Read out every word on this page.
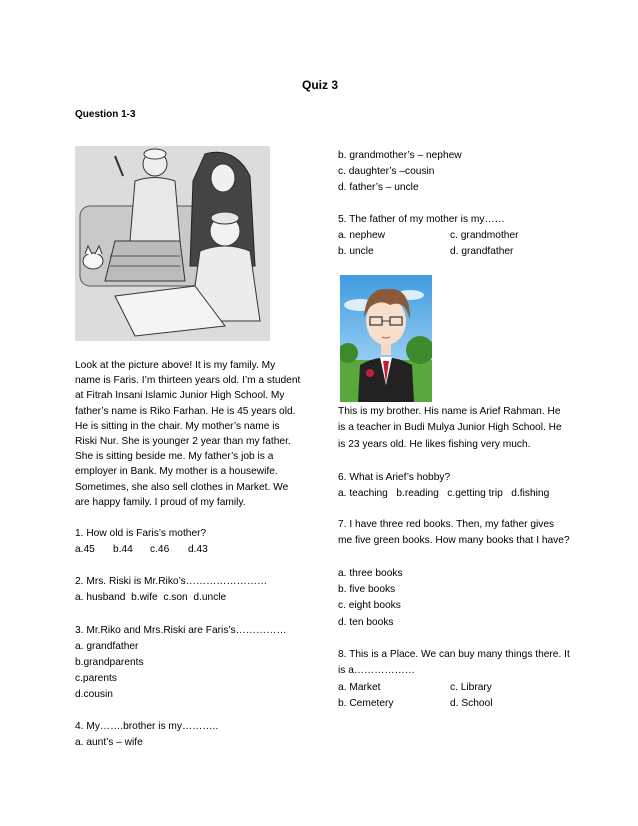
Quiz 3
Question 1-3
Look at the picture above! It is my family. My name is Faris. I’m thirteen years old. I’m a student at Fitrah Insani Islamic Junior High School. My father’s name is Riko Farhan. He is 45 years old. He is sitting in the chair. My mother’s name is Riski Nur. She is younger 2 year than my father. She is sitting beside me. My father’s job is a employer in Bank. My mother is a housewife. Sometimes, she also sell clothes in Market. We are happy family. I proud of my family.
1. How old is Faris’s mother?
a.45 b.44 c.46 d.43
2. Mrs. Riski is Mr.Riko’s……………………
a. husband  b.wife  c.son  d.uncle
3. Mr.Riko and Mrs.Riski are Faris’s……………
a. grandfather
b.grandparents
c.parents
d.cousin
4. My…….brother is my………..
a. aunt’s – wife
b. grandmother’s – nephew
c. daughter’s –cousin
d. father’s – uncle
5. The father of my mother is my……
a. nephew	c. grandmother
b. uncle	d. grandfather
This is my brother. His name is Arief Rahman. He is a teacher in Budi Mulya Junior High School. He is 23 years old. He likes fishing very much.
6. What is Arief’s hobby?
a. teaching   b.reading   c.getting trip   d.fishing
7. I have three red books. Then, my father gives me five green books. How many books that I have?
a. three books
b. five books
c. eight books
d. ten books
8. This is a Place. We can buy many things there. It is a………………
a. Market	c. Library
b. Cemetery	d. School
